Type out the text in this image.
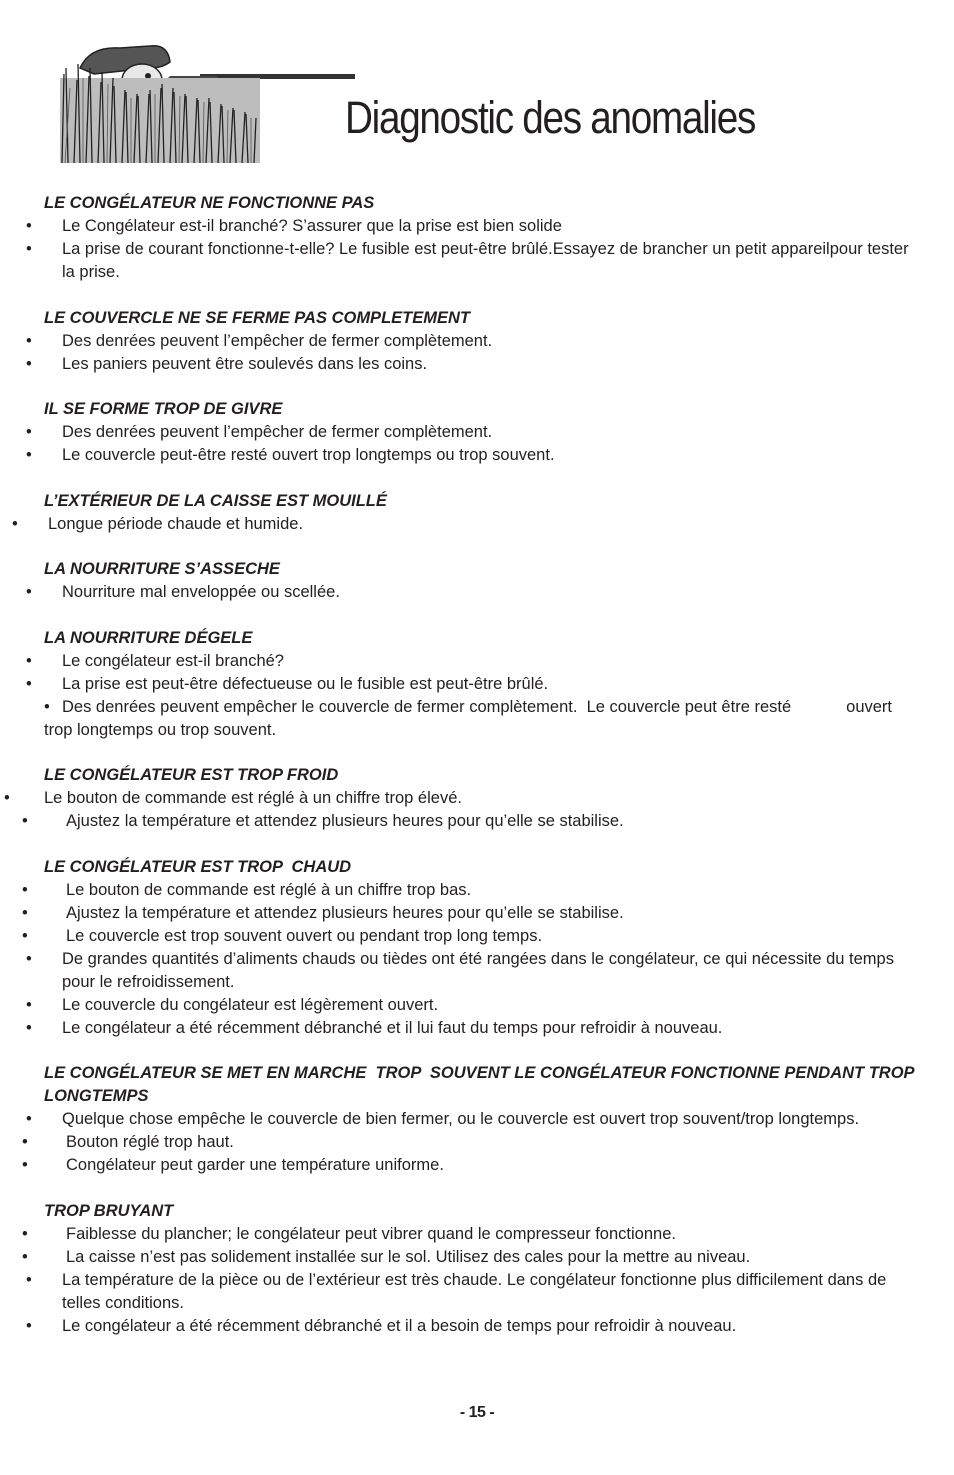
Diagnostic des anomalies

LE CONGÉLATEUR NE FONCTIONNE PAS

• Le Congélateur est-il branché? S’assurer que la prise est bien solide

• La prise de courant fonctionne-t-elle? Le fusible est peut-être brûlé.Essayez de brancher un petit appareilpour tester la prise.

LE COUVERCLE NE SE FERME PAS COMPLETEMENT

• Des denrées peuvent l’empêcher de fermer complètement.

• Les paniers peuvent être soulevés dans les coins.

IL SE FORME TROP DE GIVRE

• Des denrées peuvent l’empêcher de fermer complètement.

• Le couvercle peut-être resté ouvert trop longtemps ou trop souvent.

L’EXTÉRIEUR DE LA CAISSE EST MOUILLÉ

• Longue période chaude et humide.

LA NOURRITURE S’ASSECHE

• Nourriture mal enveloppée ou scellée.

LA NOURRITURE DÉGELE

• Le congélateur est-il branché?

• La prise est peut-être défectueuse ou le fusible est peut-être brûlé.

• Des denrées peuvent empêcher le couvercle de fermer complètement.  Le couvercle peut être resté            ouvert trop longtemps ou trop souvent.

LE CONGÉLATEUR EST TROP FROID

• Le bouton de commande est réglé à un chiffre trop élevé.

• Ajustez la température et attendez plusieurs heures pour qu’elle se stabilise.

LE CONGÉLATEUR EST TROP  CHAUD

• Le bouton de commande est réglé à un chiffre trop bas.

• Ajustez la température et attendez plusieurs heures pour qu’elle se stabilise.

• Le couvercle est trop souvent ouvert ou pendant trop long temps.

• De grandes quantités d’aliments chauds ou tièdes ont été rangées dans le congélateur, ce qui nécessite du temps pour le refroidissement.

• Le couvercle du congélateur est légèrement ouvert.

• Le congélateur a été récemment débranché et il lui faut du temps pour refroidir à nouveau.

LE CONGÉLATEUR SE MET EN MARCHE  TROP  SOUVENT LE CONGÉLATEUR FONCTIONNE PENDANT TROP LONGTEMPS

• Quelque chose empêche le couvercle de bien fermer, ou le couvercle est ouvert trop souvent/trop longtemps.

• Bouton réglé trop haut.

• Congélateur peut garder une température uniforme.

TROP BRUYANT

• Faiblesse du plancher; le congélateur peut vibrer quand le compresseur fonctionne.

• La caisse n’est pas solidement installée sur le sol. Utilisez des cales pour la mettre au niveau.

• La température de la pièce ou de l’extérieur est très chaude. Le congélateur fonctionne plus difficilement dans de telles conditions.

• Le congélateur a été récemment débranché et il a besoin de temps pour refroidir à nouveau.

- 15 -
